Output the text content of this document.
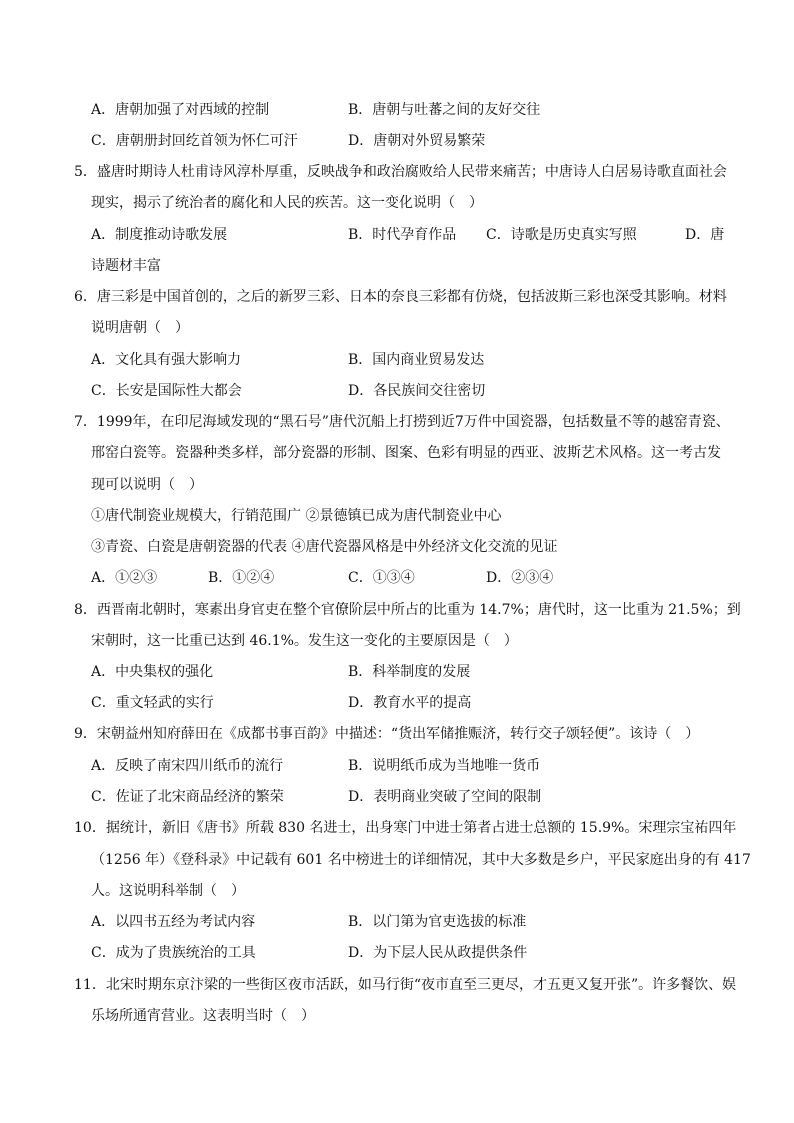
A．唐朝加强了对西域的控制	B．唐朝与吐蕃之间的友好交往
C．唐朝册封回纥首领为怀仁可汗	D．唐朝对外贸易繁荣
5．盛唐时期诗人杜甫诗风淳朴厚重，反映战争和政治腐败给人民带来痛苦；中唐诗人白居易诗歌直面社会
现实，揭示了统治者的腐化和人民的疾苦。这一变化说明（　）
A．制度推动诗歌发展	B．时代孕育作品 C．诗歌是历史真实写照	D．唐
诗题材丰富
6．唐三彩是中国首创的，之后的新罗三彩、日本的奈良三彩都有仿烧，包括波斯三彩也深受其影响。材料
说明唐朝（　）
A．文化具有强大影响力	B．国内商业贸易发达
C．长安是国际性大都会	D．各民族间交往密切
7．1999年，在印尼海域发现的“黑石号”唐代沉船上打捞到近7万件中国瓷器，包括数量不等的越窑青瓷、
邢窑白瓷等。瓷器种类多样，部分瓷器的形制、图案、色彩有明显的西亚、波斯艺术风格。这一考古发
现可以说明（　）
①唐代制瓷业规模大，行销范围广 ②景德镇已成为唐代制瓷业中心
③青瓷、白瓷是唐朝瓷器的代表 ④唐代瓷器风格是中外经济文化交流的见证
A．①②③	B．①②④	C．①③④	D．②③④
8．西晋南北朝时，寒素出身官吏在整个官僚阶层中所占的比重为 14.7%；唐代时，这一比重为 21.5%；到
宋朝时，这一比重已达到 46.1%。发生这一变化的主要原因是（　）
A．中央集权的强化	B．科举制度的发展
C．重文轻武的实行	D．教育水平的提高
9．宋朝益州知府薛田在《成都书事百韵》中描述：“货出军储推赈济，转行交子颂轻便”。该诗（　）
A．反映了南宋四川纸币的流行	B．说明纸币成为当地唯一货币
C．佐证了北宋商品经济的繁荣	D．表明商业突破了空间的限制
10．据统计，新旧《唐书》所载 830 名进士，出身寒门中进士第者占进士总额的 15.9%。宋理宗宝祐四年
（1256 年）《登科录》中记载有 601 名中榜进士的详细情况，其中大多数是乡户，平民家庭出身的有 417
人。这说明科举制（　）
A．以四书五经为考试内容	B．以门第为官吏选拔的标准
C．成为了贵族统治的工具	D．为下层人民从政提供条件
11．北宋时期东京汴梁的一些街区夜市活跃，如马行街“夜市直至三更尽，才五更又复开张”。许多餐饮、娱
乐场所通宵营业。这表明当时（　）
